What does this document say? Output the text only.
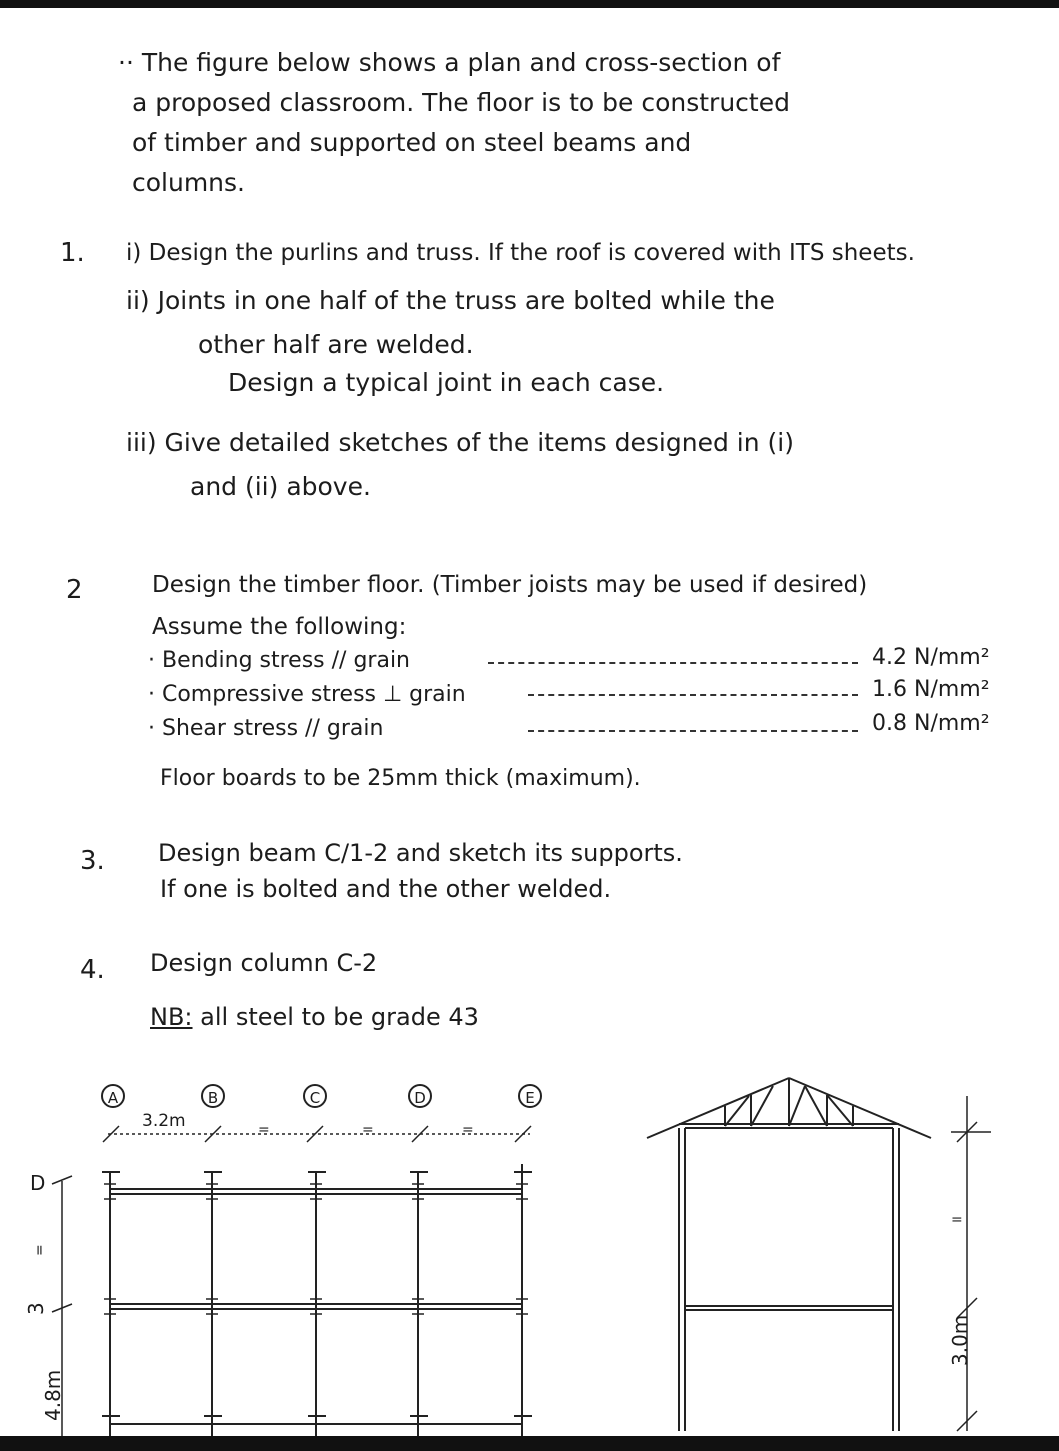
·· The figure below shows a plan and cross-section of
a proposed classroom. The floor is to be constructed
of timber and supported on steel beams and
columns.
1. i) Design the purlins and truss. If the roof is covered with ITS sheets.
ii) Joints in one half of the truss are bolted while the
other half are welded.
Design a typical joint in each case.
iii) Give detailed sketches of the items designed in (i)
and (ii) above.
2	Design the timber floor. (Timber joists may be used if desired)
Assume the following:
· Bending stress // grain	4.2 N/mm²
· Compressive stress ⊥ grain	1.6 N/mm²
· Shear stress // grain	0.8 N/mm²
Floor boards to be 25mm thick (maximum).
3. Design beam C/1-2 and sketch its supports.
If one is bolted and the other welded.
4. Design column C-2
NB: all steel to be grade 43
A	B	C	D	E
3.2m	=	=	=
D
3
=
4.8m
=
3.0m
